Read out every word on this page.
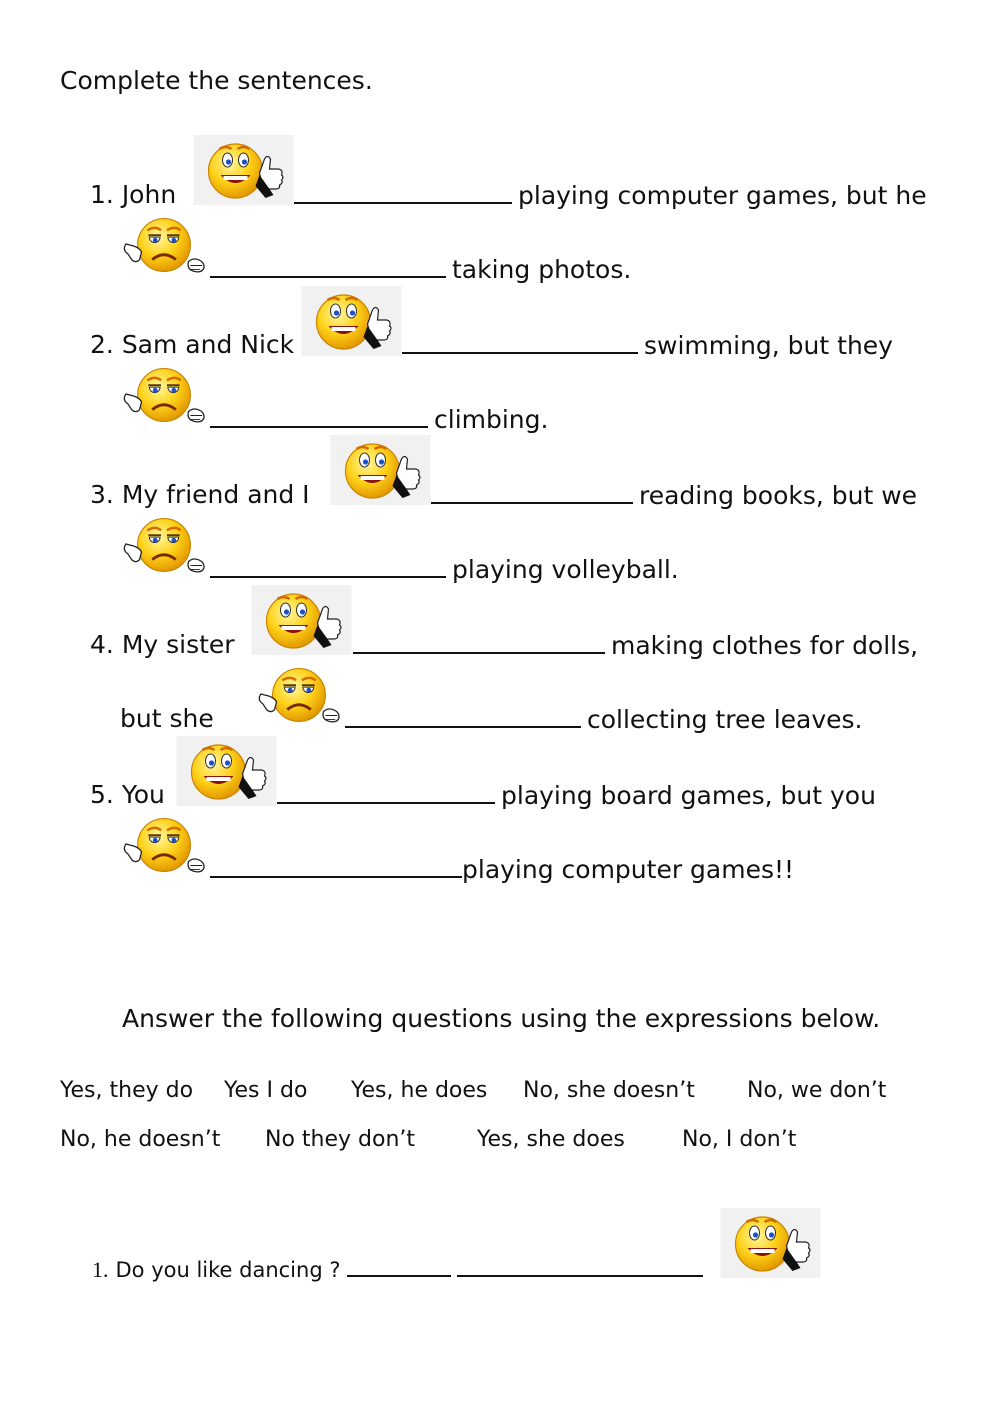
Complete the sentences.
1. John	playing computer games, but he
taking photos.
2. Sam and Nick	swimming, but they
climbing.
3. My friend and I	reading books, but we
playing volleyball.
4. My sister	making clothes for dolls,
but she	collecting tree leaves.
5. You	playing board games, but you
playing computer games!!
Answer the following questions using the expressions below.
Yes, they do Yes I do Yes, he does No, she doesn’t No, we don’t
No, he doesn’t No they don’t	Yes, she does	No, I don’t
1. Do you like dancing ?
